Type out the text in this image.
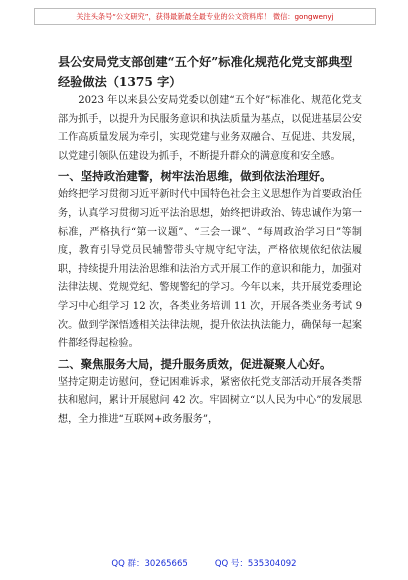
关注头条号“公文研究”，获得最新最全最专业的公文资料库！ 微信：gongwenyj

县公安局党支部创建“五个好”标准化规范化党支部典型经验做法（1375 字）

2023 年以来县公安局党委以创建“五个好”标准化、规范化党支部为抓手，以提升为民服务意识和执法质量为基点，以促进基层公安工作高质量发展为牵引，实现党建与业务双融合、互促进、共发展，以党建引领队伍建设为抓手，不断提升群众的满意度和安全感。

一、坚持政治建警，树牢法治思维，做到依法治理好。

始终把学习贯彻习近平新时代中国特色社会主义思想作为首要政治任务，认真学习贯彻习近平法治思想，始终把讲政治、铸忠诚作为第一标准，严格执行“第一议题”、“三会一课”、“每周政治学习日”等制度，教育引导党员民辅警带头守规守纪守法，严格依规依纪依法履职，持续提升用法治思维和法治方式开展工作的意识和能力，加强对法律法规、党规党纪、警规警纪的学习。今年以来，共开展党委理论学习中心组学习 12 次，各类业务培训 11 次，开展各类业务考试 9 次。做到学深悟透相关法律法规，提升依法执法能力，确保每一起案件都经得起检验。

二、聚焦服务大局，提升服务质效，促进凝聚人心好。

坚持定期走访慰问，登记困难诉求，紧密依托党支部活动开展各类帮扶和慰问，累计开展慰问 42 次。牢固树立“以人民为中心”的发展思想，全力推进“互联网+政务服务”，

QQ 群：30265665	QQ 号：535304092
